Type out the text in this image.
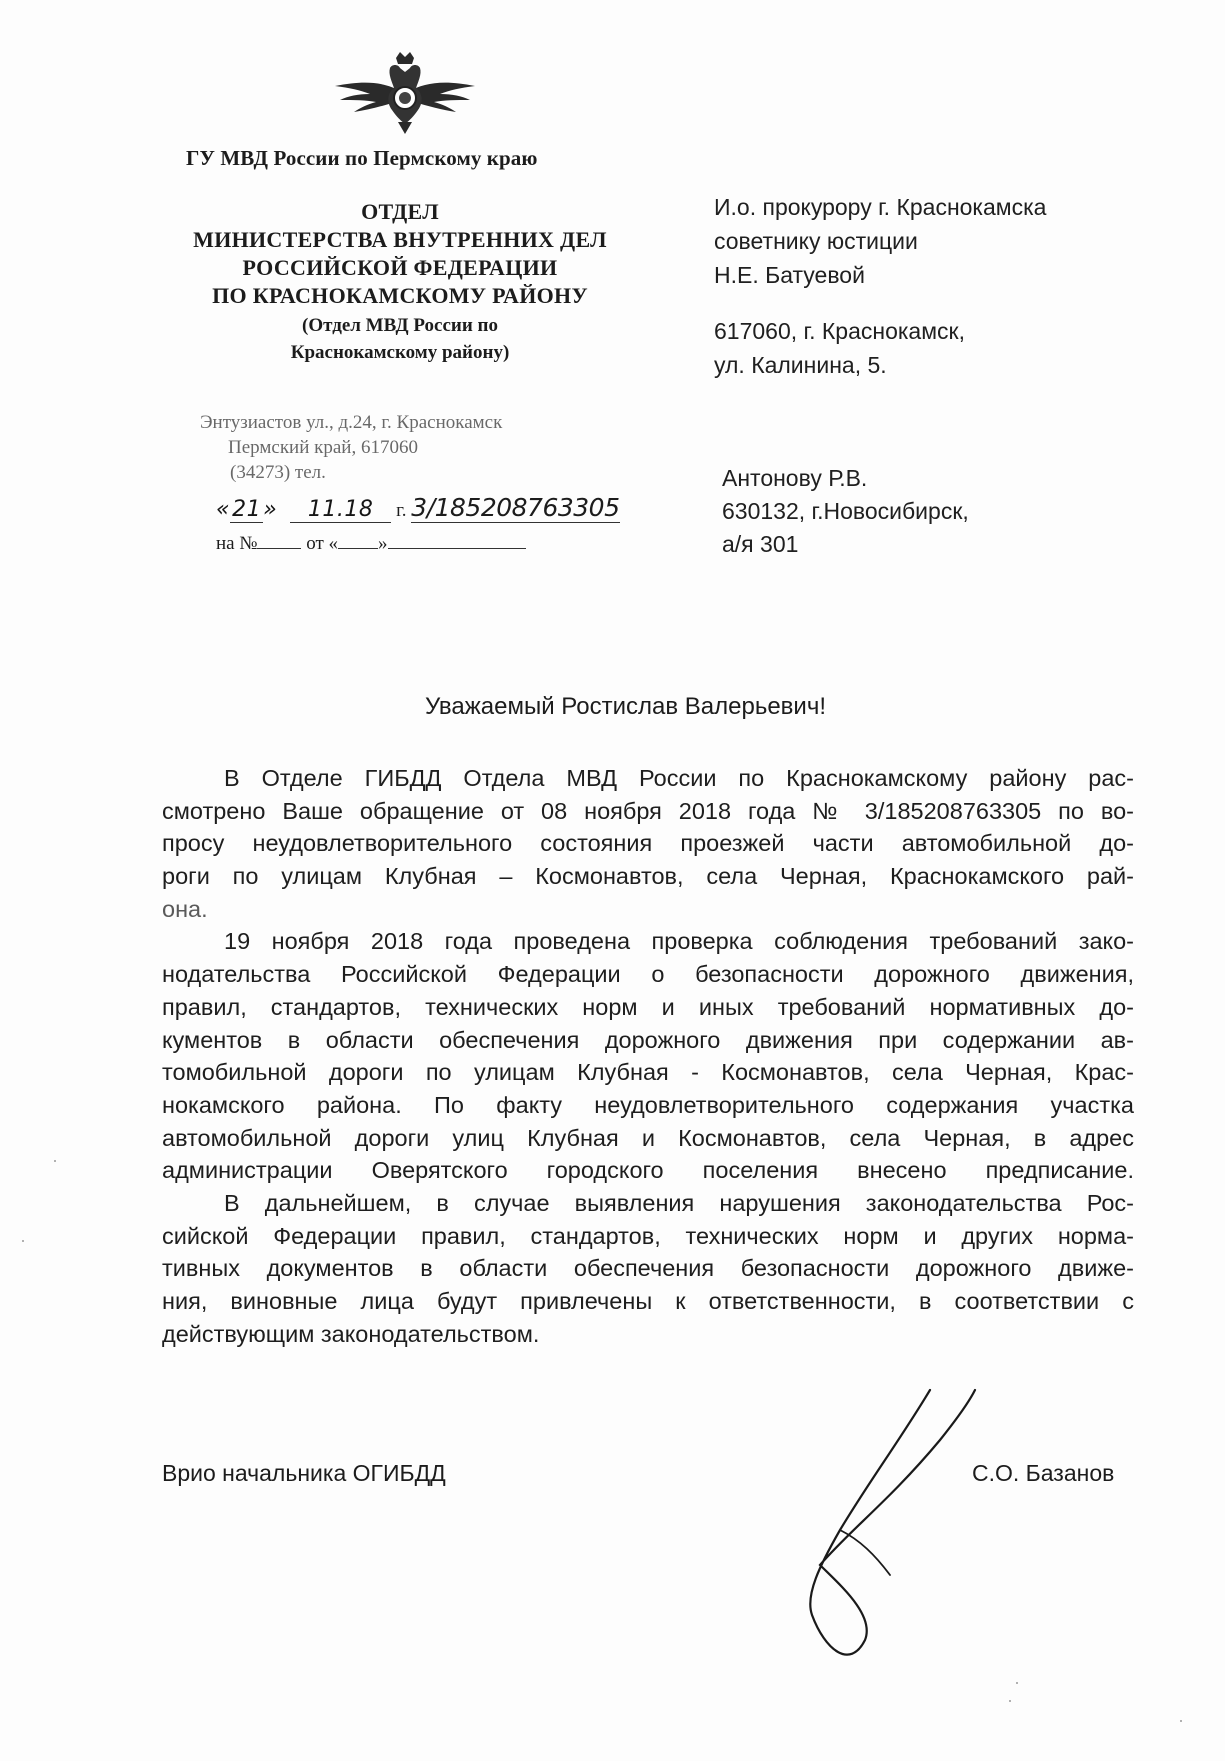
ГУ МВД России по Пермскому краю
ОТДЕЛ
МИНИСТЕРСТВА ВНУТРЕННИХ ДЕЛ
РОССИЙСКОЙ ФЕДЕРАЦИИ
ПО КРАСНОКАМСКОМУ РАЙОНУ
(Отдел МВД России по
Краснокамскому району)
Энтузиастов ул., д.24, г. Краснокамск
Пермский край, 617060
(34273) тел.
«21» 11.18 г. 3/185208763305
на №	от « »
И.о. прокурору г. Краснокамска
советнику юстиции
Н.Е. Батуевой
617060, г. Краснокамск,
ул. Калинина, 5.
Антонову Р.В.
630132, г.Новосибирск,
а/я 301
Уважаемый Ростислав Валерьевич!
В Отделе ГИБДД Отдела МВД России по Краснокамскому району рас-
смотрено Ваше обращение от 08 ноября 2018 года № 3/185208763305 по во-
просу неудовлетворительного состояния проезжей части автомобильной до-
роги по улицам Клубная – Космонавтов, села Черная, Краснокамского рай-
она.
19 ноября 2018 года проведена проверка соблюдения требований зако-
нодательства Российской Федерации о безопасности дорожного движения,
правил, стандартов, технических норм и иных требований нормативных до-
кументов в области обеспечения дорожного движения при содержании ав-
томобильной дороги по улицам Клубная - Космонавтов, села Черная, Крас-
нокамского района. По факту неудовлетворительного содержания участка
автомобильной дороги улиц Клубная и Космонавтов, села Черная, в адрес
администрации Оверятского городского поселения внесено предписание.
В дальнейшем, в случае выявления нарушения законодательства Рос-
сийской Федерации правил, стандартов, технических норм и других норма-
тивных документов в области обеспечения безопасности дорожного движе-
ния, виновные лица будут привлечены к ответственности, в соответствии с
действующим законодательством.
Врио начальника ОГИБДД	С.О. Базанов
